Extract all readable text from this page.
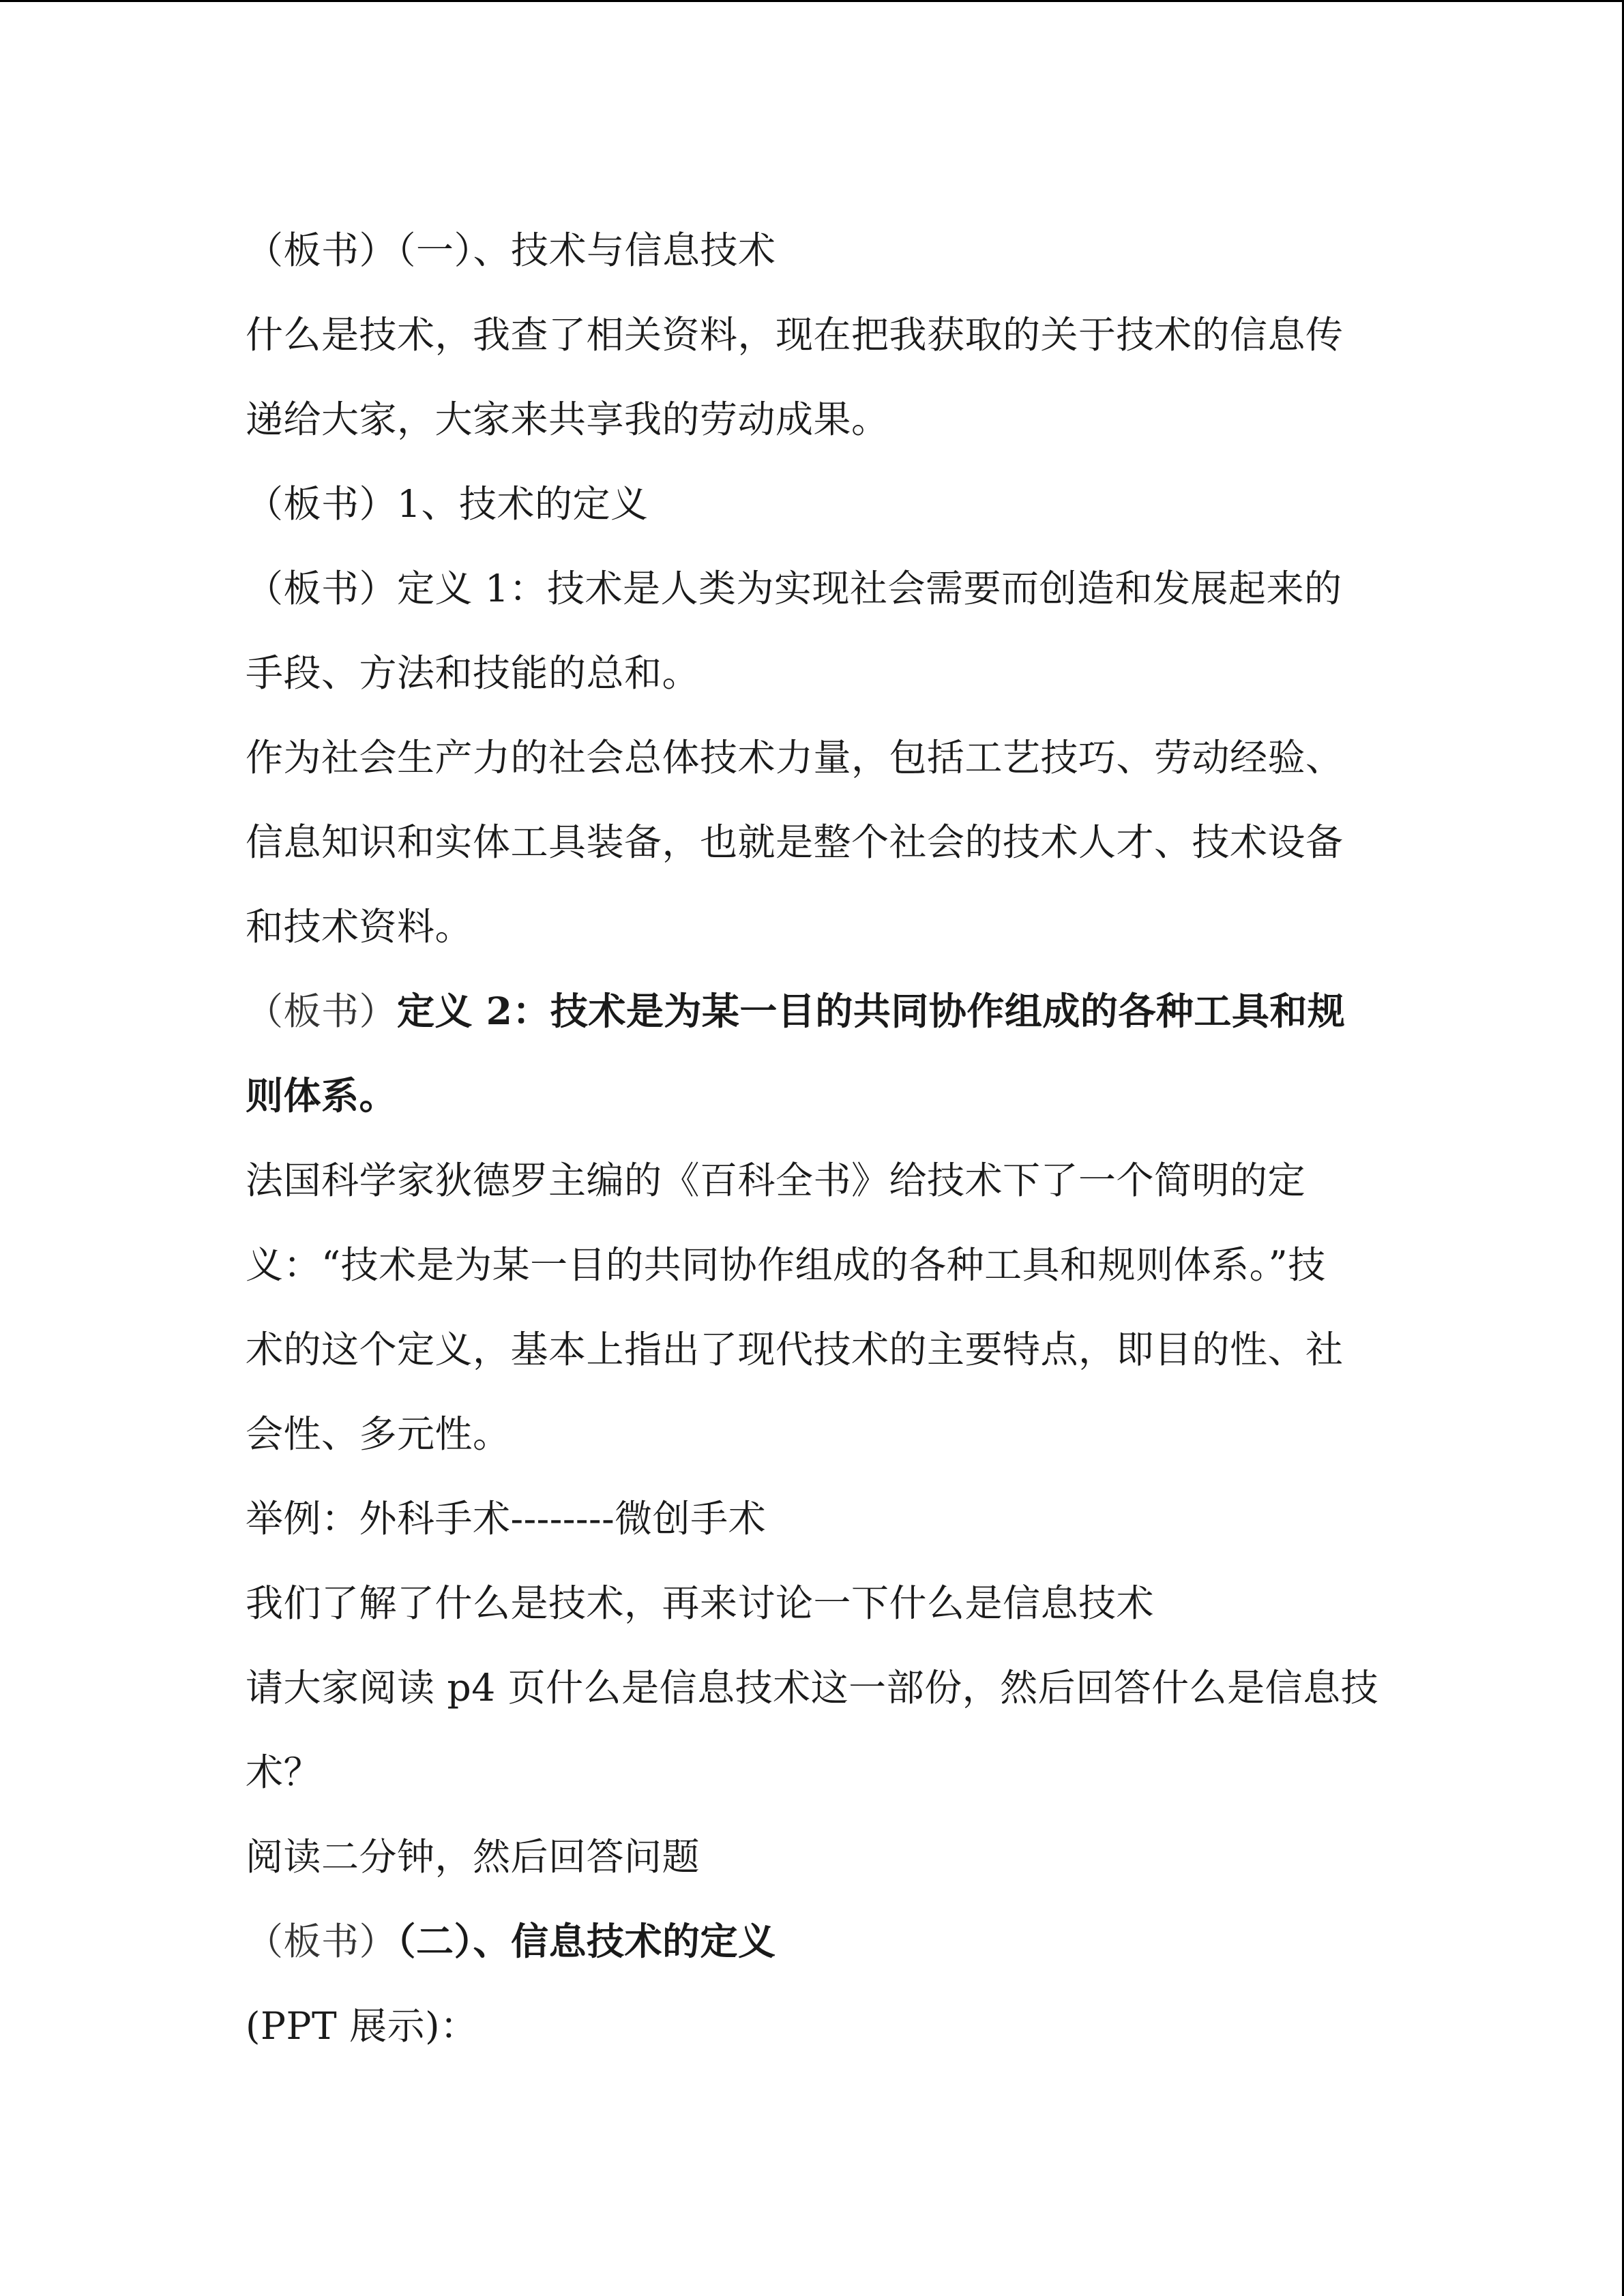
（板书）（一）、技术与信息技术
什么是技术，我查了相关资料，现在把我获取的关于技术的信息传
递给大家，大家来共享我的劳动成果。
（板书）1、技术的定义
（板书）定义 1：技术是人类为实现社会需要而创造和发展起来的
手段、方法和技能的总和。
作为社会生产力的社会总体技术力量，包括工艺技巧、劳动经验、
信息知识和实体工具装备，也就是整个社会的技术人才、技术设备
和技术资料。
（板书）定义 2：技术是为某一目的共同协作组成的各种工具和规
则体系。
法国科学家狄德罗主编的《百科全书》给技术下了一个简明的定
义：“技术是为某一目的共同协作组成的各种工具和规则体系。”技
术的这个定义，基本上指出了现代技术的主要特点，即目的性、社
会性、多元性。
举例：外科手术--------微创手术
我们了解了什么是技术，再来讨论一下什么是信息技术
请大家阅读 p4 页什么是信息技术这一部份，然后回答什么是信息技
术？
阅读二分钟，然后回答问题
（板书）（二）、信息技术的定义
(PPT 展示)：
